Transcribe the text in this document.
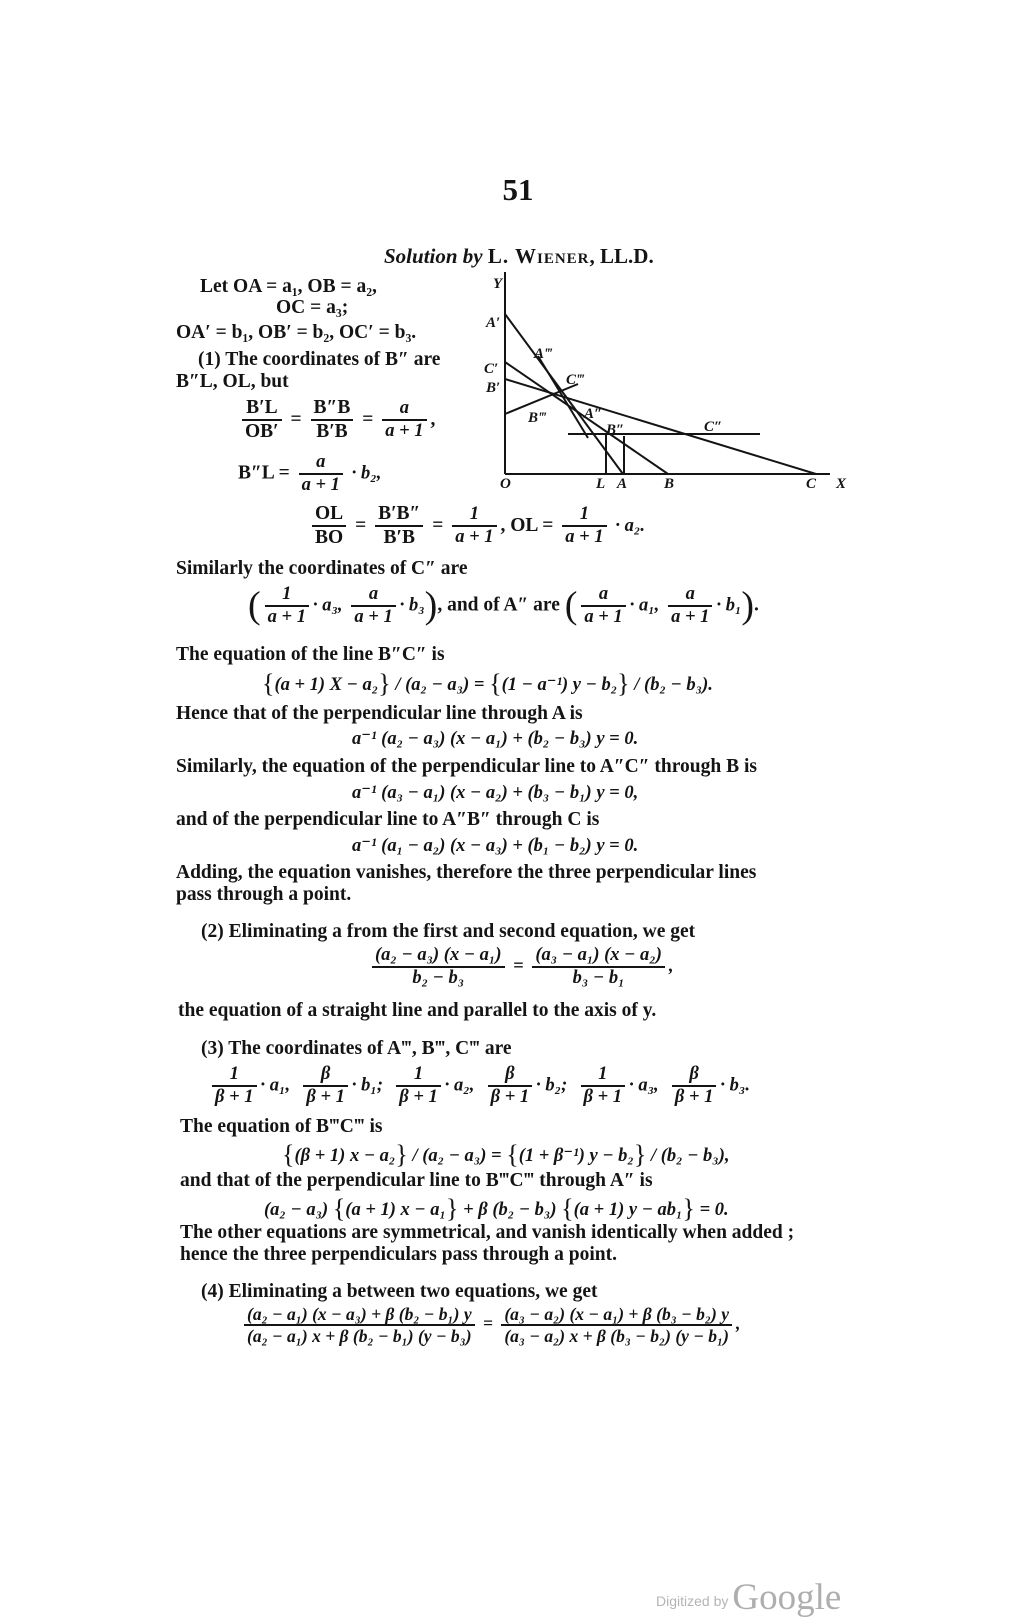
51
Solution by L. Wiener, LL.D.
Let OA = a₁, OB = a₂,
OC = a₃;
OA′ = b₁, OB′ = b₂, OC′ = b₃.
(1) The coordinates of B″ are
B″L, OL, but
$\frac{B'L}{OB'} = \frac{B''B}{B'B} = \frac{a}{a + 1}$ ,
$B''L = \frac{a}{a + 1} \cdot b_2$,
$\frac{OL}{BO} = \frac{B'B''}{B'B} = \frac{1}{a + 1}$ , OL = $\frac{1}{a + 1} \cdot a_2$.
Similarly the coordinates of C″ are
( $\frac{1}{a + 1} \cdot a_3$, $\frac{a}{a + 1} \cdot b_3$), and of A″ are ( $\frac{a}{a + 1} \cdot a_1$, $\frac{a}{a + 1} \cdot b_1$).
The equation of the line B″C″ is
{(a + 1) X − a₂} / (a₂ − a₃) = {(1 − a⁻¹) y − b₂} / (b₂ − b₃).
Hence that of the perpendicular line through A is
a⁻¹ (a₂ − a₃) (x − a₁) + (b₂ − b₃) y = 0.
Similarly, the equation of the perpendicular line to A″C″ through B is
a⁻¹ (a₃ − a₁) (x − a₂) + (b₃ − b₁) y = 0,
and of the perpendicular line to A″B″ through C is
a⁻¹ (a₁ − a₂) (x − a₃) + (b₁ − b₂) y = 0.
Adding, the equation vanishes, therefore the three perpendicular lines
pass through a point.
(2) Eliminating a from the first and second equation, we get
$\frac{\text{(a₂ − a₃) (x − a₁)}}{\text{b₂ − b₃}} = \frac{\text{(a₃ − a₁) (x − a₂)}}{\text{b₃ − b₁}}$ ,
the equation of a straight line and parallel to the axis of y.
(3) The coordinates of A‴, B‴, C‴ are
$\frac{1}{\beta + 1} \cdot a_1$, $\frac{\beta}{\beta + 1} \cdot b_1$; $\frac{1}{\beta + 1} \cdot a_2$, $\frac{\beta}{\beta + 1} \cdot b_2$; $\frac{1}{\beta + 1} \cdot a_3$, $\frac{\beta}{\beta + 1} \cdot b_3$.
The equation of B‴C‴ is
{(β + 1) x − a₂} / (a₂ − a₃) = {(1 + β⁻¹) y − b₂} / (b₂ − b₃),
and that of the perpendicular line to B‴C‴ through A″ is
(a₂ − a₃) {(a + 1) x − a₁} + β (b₂ − b₃) {(a + 1) y − ab₁} = 0.
The other equations are symmetrical, and vanish identically when added ;
hence the three perpendiculars pass through a point.
(4) Eliminating a between two equations, we get
$\frac{\text{(a₂ − a₁) (x − a₃) + β (b₂ − b₁) y}}{\text{(a₂ − a₁) x + β (b₂ − b₁) (y − b₃)}} = \frac{\text{(a₃ − a₂) (x − a₁) + β (b₃ − b₂) y}}{\text{(a₃ − a₂) x + β (b₃ − b₂) (y − b₁)}}$ ,
Y
A′
C′
B′
A‴
C‴
B‴	A″
B″	C″
O	L A B	C X
Digitized by Google
